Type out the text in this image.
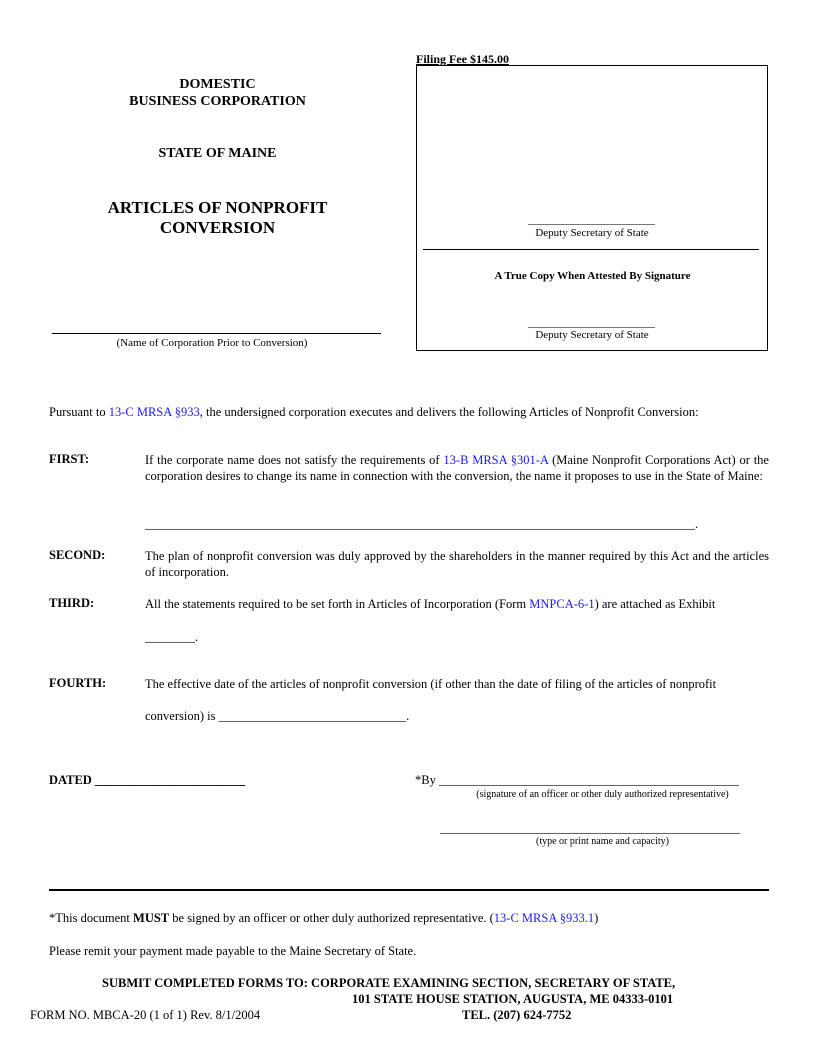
DOMESTIC
BUSINESS CORPORATION
STATE OF MAINE
ARTICLES OF NONPROFIT
CONVERSION
(Name of Corporation Prior to Conversion)
Filing Fee $145.00
Deputy Secretary of State
A True Copy When Attested By Signature
Deputy Secretary of State
Pursuant to 13-C MRSA §933, the undersigned corporation executes and delivers the following Articles of Nonprofit Conversion:
FIRST:	If the corporate name does not satisfy the requirements of 13-B MRSA §301-A (Maine Nonprofit Corporations Act) or the corporation desires to change its name in connection with the conversion, the name it proposes to use in the State of Maine:
________________________________________________________________________________________.
SECOND:	The plan of nonprofit conversion was duly approved by the shareholders in the manner required by this Act and the articles of incorporation.
THIRD:	All the statements required to be set forth in Articles of Incorporation (Form MNPCA-6-1) are attached as Exhibit
________.
FOURTH:	The effective date of the articles of nonprofit conversion (if other than the date of filing of the articles of nonprofit
conversion) is ______________________________.
DATED ________________________	*By ________________________________________________
(signature of an officer or other duly authorized representative)
________________________________________________
(type or print name and capacity)
*This document MUST be signed by an officer or other duly authorized representative. (13-C MRSA §933.1)
Please remit your payment made payable to the Maine Secretary of State.
SUBMIT COMPLETED FORMS TO: CORPORATE EXAMINING SECTION, SECRETARY OF STATE,
101 STATE HOUSE STATION, AUGUSTA, ME 04333-0101
FORM NO. MBCA-20 (1 of 1) Rev. 8/1/2004	TEL. (207) 624-7752
